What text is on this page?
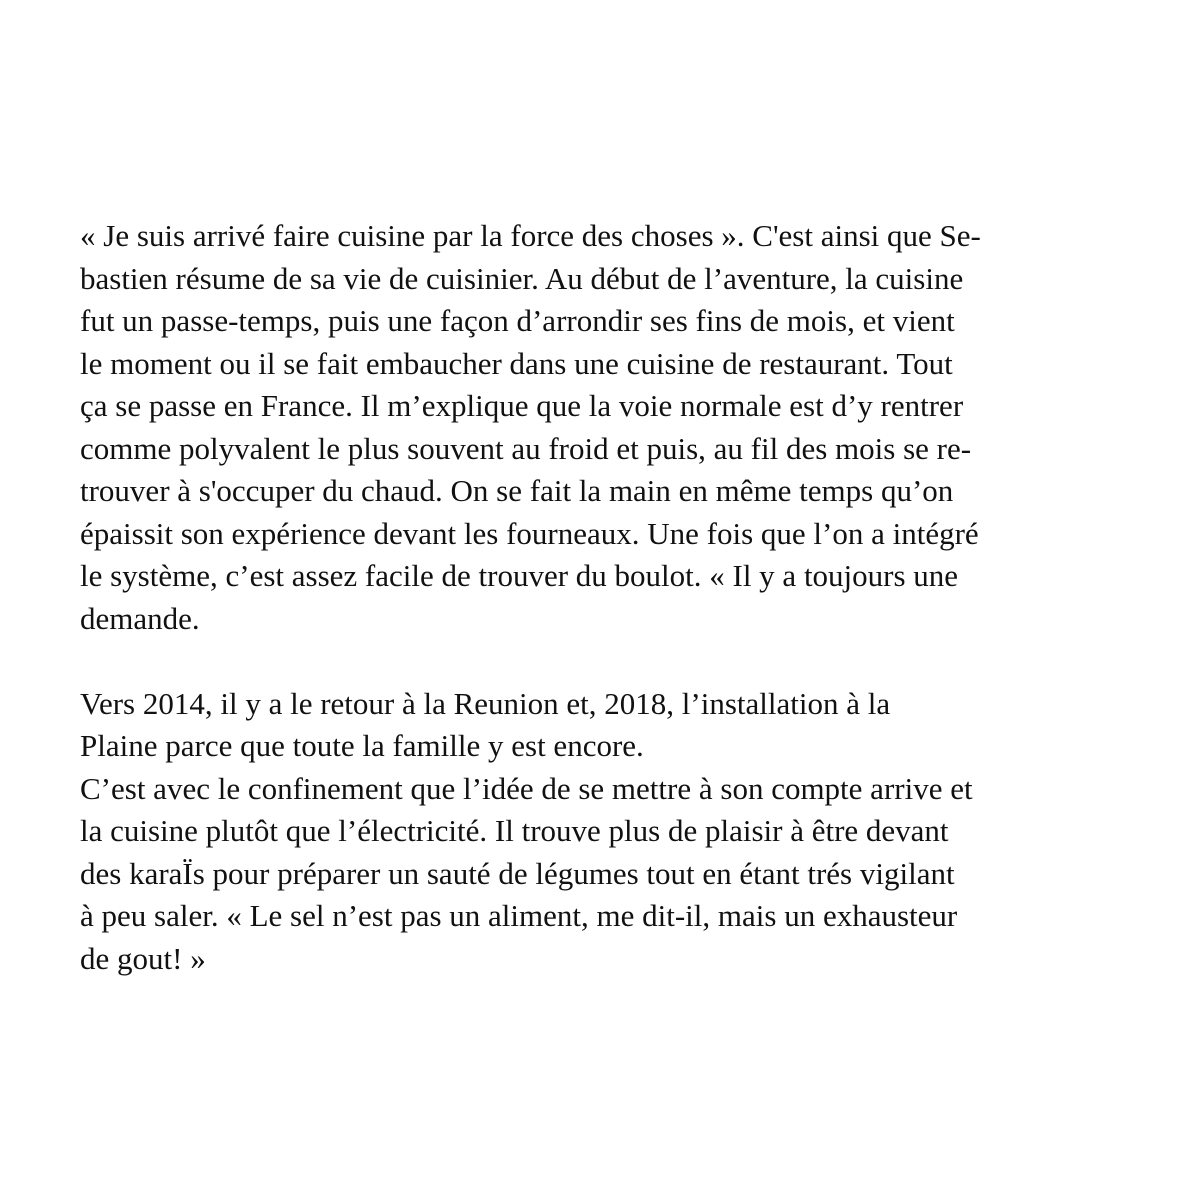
« Je suis arrivé faire cuisine par la force des choses ». C'est ainsi que Se-
bastien résume de sa vie de cuisinier. Au début de l’aventure, la cuisine
fut un passe-temps, puis une façon d’arrondir ses fins de mois, et vient
le moment ou il se fait embaucher dans une cuisine de restaurant. Tout
ça se passe en France. Il m’explique que la voie normale est d’y rentrer
comme polyvalent le plus souvent au froid et puis, au fil des mois se re-
trouver à s'occuper du chaud. On se fait la main en même temps qu’on
épaissit son expérience devant les fourneaux. Une fois que l’on a intégré
le système, c’est assez facile de trouver du boulot. « Il y a toujours une
demande.
Vers 2014, il y a le retour à la Reunion et, 2018, l’installation à la
Plaine parce que toute la famille y est encore.
C’est avec le confinement que l’idée de se mettre à son compte arrive et
la cuisine plutôt que l’électricité. Il trouve plus de plaisir à être devant
des karaÏs pour préparer un sauté de légumes tout en étant trés vigilant
à peu saler. « Le sel n’est pas un aliment, me dit-il, mais un exhausteur
de gout! »
